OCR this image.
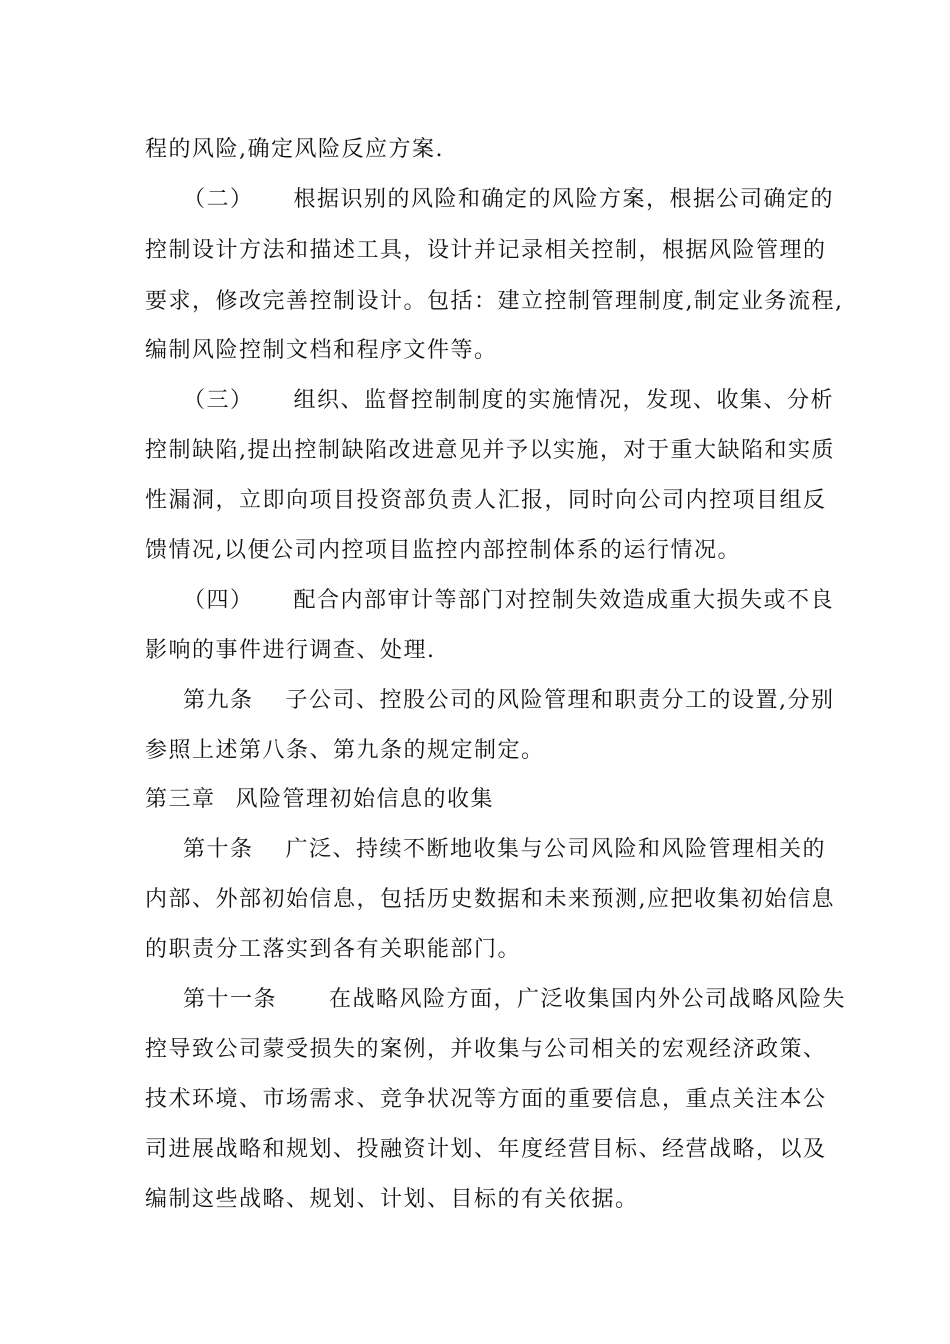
程的风险,确定风险反应方案.
（二） 根据识别的风险和确定的风险方案，根据公司确定的
控制设计方法和描述工具，设计并记录相关控制，根据风险管理的
要求，修改完善控制设计。包括：建立控制管理制度,制定业务流程,
编制风险控制文档和程序文件等。
（三） 组织、监督控制制度的实施情况，发现、收集、分析
控制缺陷,提出控制缺陷改进意见并予以实施，对于重大缺陷和实质
性漏洞，立即向项目投资部负责人汇报，同时向公司内控项目组反
馈情况,以便公司内控项目监控内部控制体系的运行情况。
（四） 配合内部审计等部门对控制失效造成重大损失或不良
影响的事件进行调查、处理.
第九条 子公司、控股公司的风险管理和职责分工的设置,分别
参照上述第八条、第九条的规定制定。
第三章 风险管理初始信息的收集
第十条 广泛、持续不断地收集与公司风险和风险管理相关的
内部、外部初始信息，包括历史数据和未来预测,应把收集初始信息
的职责分工落实到各有关职能部门。
第十一条 在战略风险方面，广泛收集国内外公司战略风险失
控导致公司蒙受损失的案例，并收集与公司相关的宏观经济政策、
技术环境、市场需求、竞争状况等方面的重要信息，重点关注本公
司进展战略和规划、投融资计划、年度经营目标、经营战略，以及
编制这些战略、规划、计划、目标的有关依据。
